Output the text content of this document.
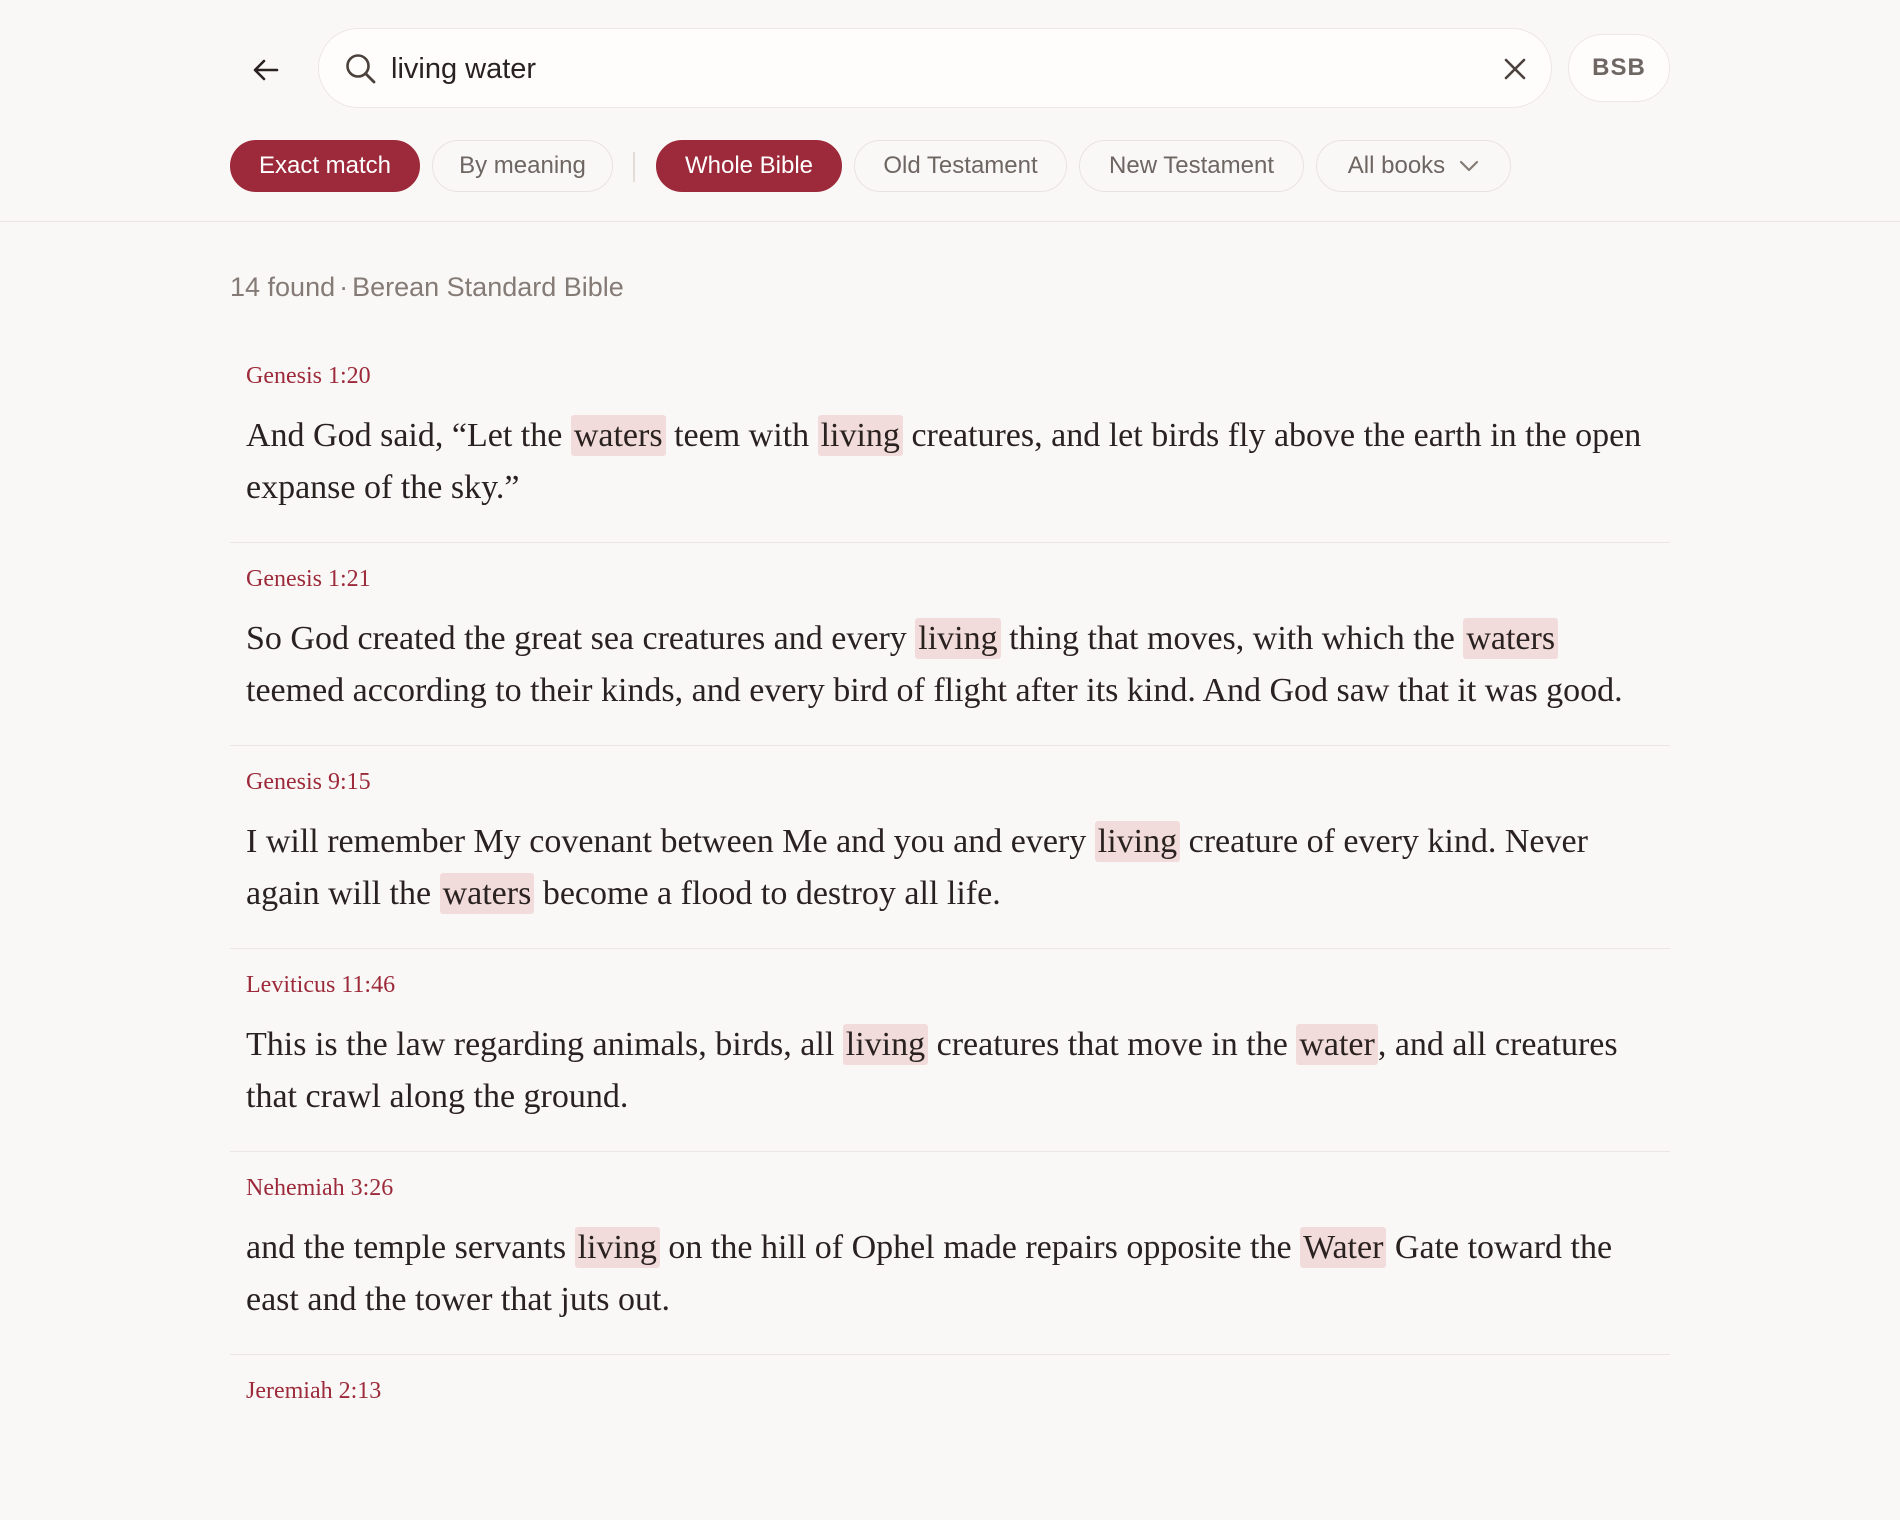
living water
BSB
Exact match	By meaning	Whole Bible	Old Testament	New Testament	All books
14 found · Berean Standard Bible
Genesis 1:20
And God said, “Let the waters teem with living creatures, and let birds fly above the earth in the open expanse of the sky.”
Genesis 1:21
So God created the great sea creatures and every living thing that moves, with which the waters teemed according to their kinds, and every bird of flight after its kind. And God saw that it was good.
Genesis 9:15
I will remember My covenant between Me and you and every living creature of every kind. Never again will the waters become a flood to destroy all life.
Leviticus 11:46
This is the law regarding animals, birds, all living creatures that move in the water, and all creatures that crawl along the ground.
Nehemiah 3:26
and the temple servants living on the hill of Ophel made repairs opposite the Water Gate toward the east and the tower that juts out.
Jeremiah 2:13
